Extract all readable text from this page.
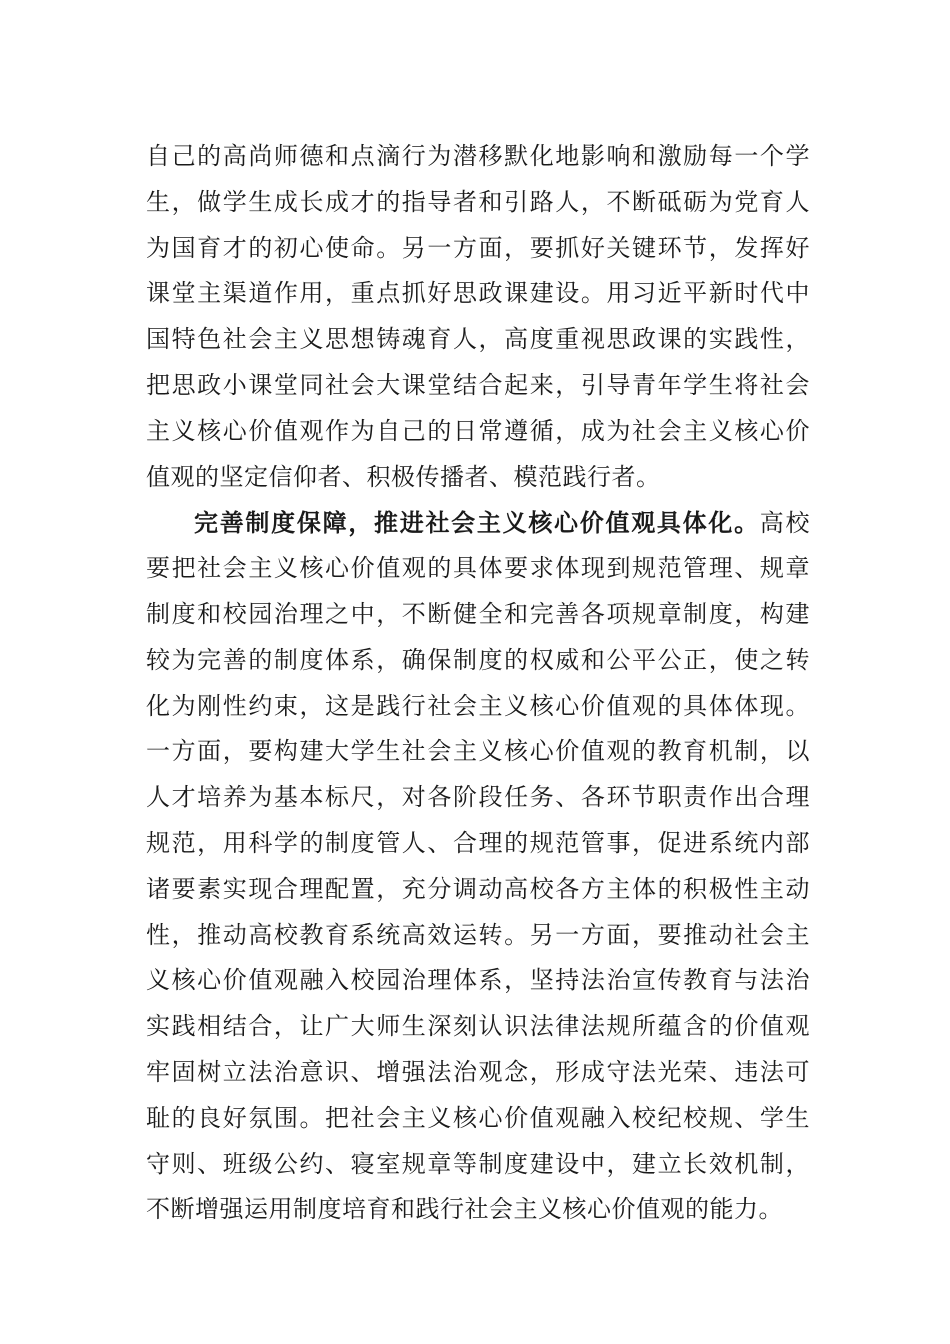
自己的高尚师德和点滴行为潜移默化地影响和激励每一个学
生，做学生成长成才的指导者和引路人，不断砥砺为党育人
为国育才的初心使命。另一方面，要抓好关键环节，发挥好
课堂主渠道作用，重点抓好思政课建设。用习近平新时代中
国特色社会主义思想铸魂育人，高度重视思政课的实践性，
把思政小课堂同社会大课堂结合起来，引导青年学生将社会
主义核心价值观作为自己的日常遵循，成为社会主义核心价
值观的坚定信仰者、积极传播者、模范践行者。
完善制度保障，推进社会主义核心价值观具体化。高校
要把社会主义核心价值观的具体要求体现到规范管理、规章
制度和校园治理之中，不断健全和完善各项规章制度，构建
较为完善的制度体系，确保制度的权威和公平公正，使之转
化为刚性约束，这是践行社会主义核心价值观的具体体现。
一方面，要构建大学生社会主义核心价值观的教育机制，以
人才培养为基本标尺，对各阶段任务、各环节职责作出合理
规范，用科学的制度管人、合理的规范管事，促进系统内部
诸要素实现合理配置，充分调动高校各方主体的积极性主动
性，推动高校教育系统高效运转。另一方面，要推动社会主
义核心价值观融入校园治理体系，坚持法治宣传教育与法治
实践相结合，让广大师生深刻认识法律法规所蕴含的价值观
牢固树立法治意识、增强法治观念，形成守法光荣、违法可
耻的良好氛围。把社会主义核心价值观融入校纪校规、学生
守则、班级公约、寝室规章等制度建设中，建立长效机制，
不断增强运用制度培育和践行社会主义核心价值观的能力。
